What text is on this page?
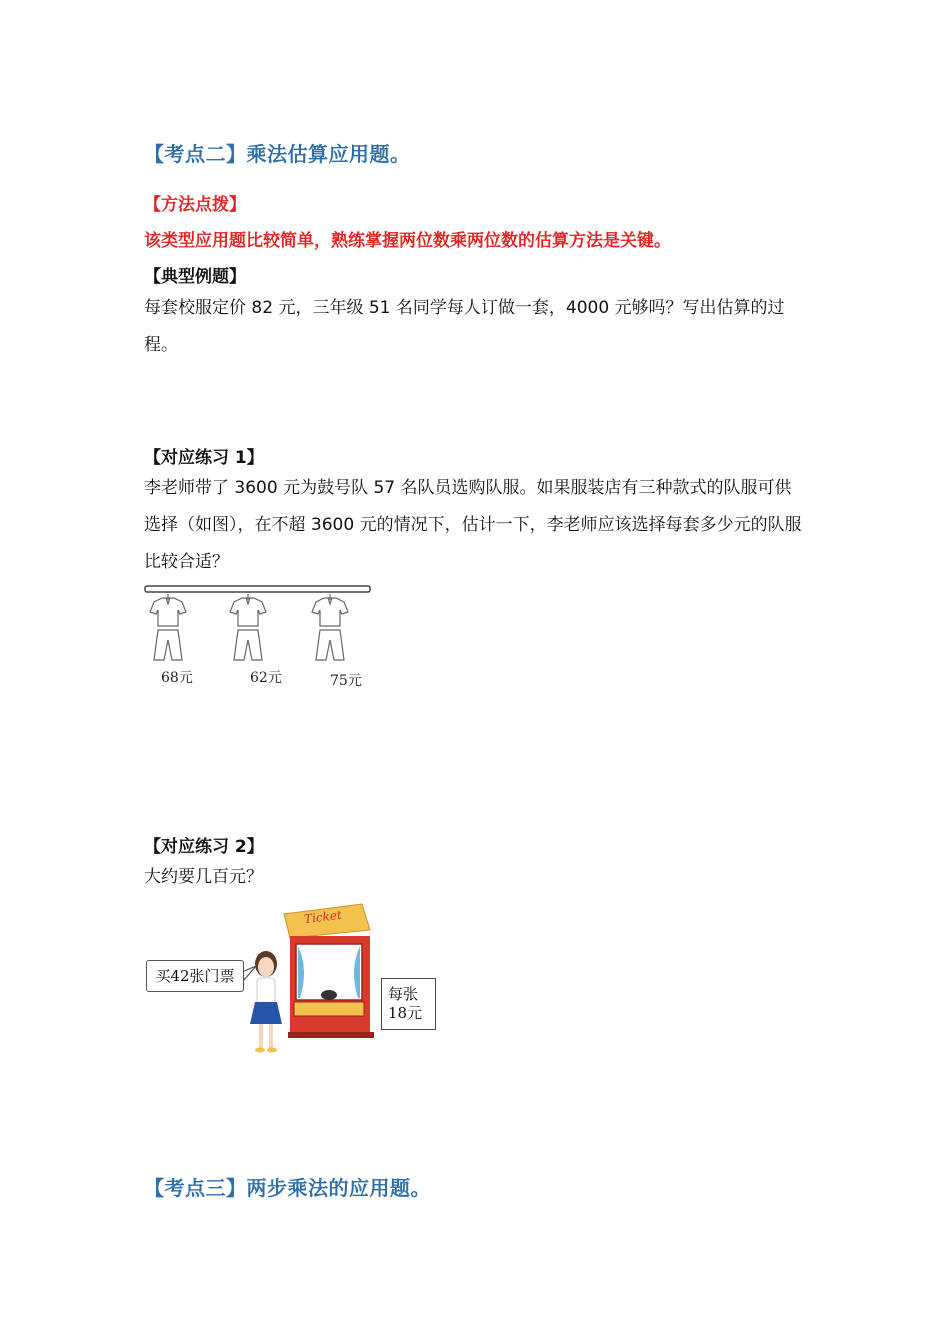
【考点二】乘法估算应用题。
【方法点拨】
该类型应用题比较简单，熟练掌握两位数乘两位数的估算方法是关键。
【典型例题】
每套校服定价 82 元，三年级 51 名同学每人订做一套，4000 元够吗？写出估算的过程。
【对应练习 1】
李老师带了 3600 元为鼓号队 57 名队员选购队服。如果服装店有三种款式的队服可供选择（如图），在不超 3600 元的情况下，估计一下，李老师应该选择每套多少元的队服比较合适？
68元	62元	75元
【对应练习 2】
大约要几百元？
Ticket
买42张门票
每张
18元
【考点三】两步乘法的应用题。
